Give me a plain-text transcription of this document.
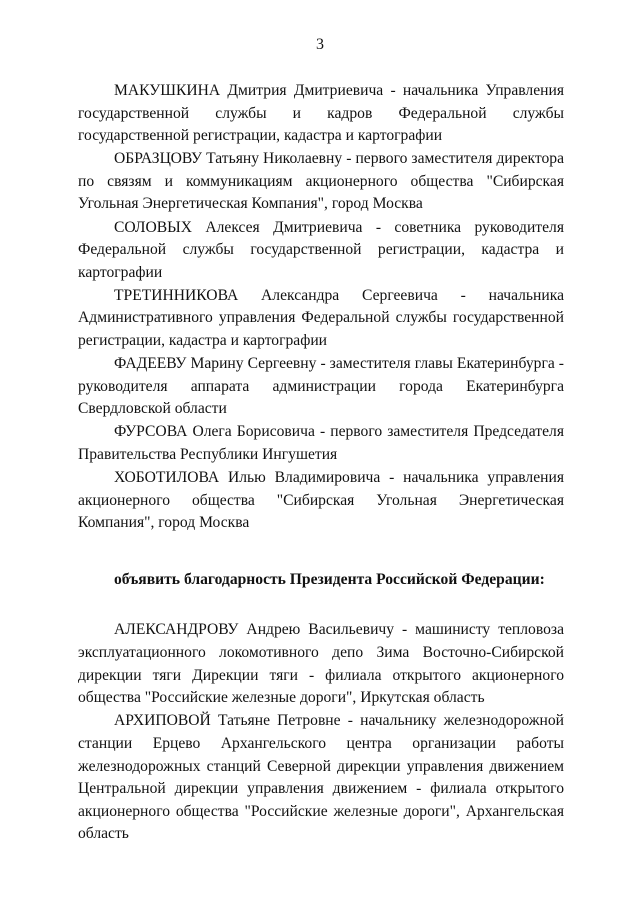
3

МАКУШКИНА Дмитрия Дмитриевича - начальника Управления государственной службы и кадров Федеральной службы государственной регистрации, кадастра и картографии

ОБРАЗЦОВУ Татьяну Николаевну - первого заместителя директора по связям и коммуникациям акционерного общества "Сибирская Угольная Энергетическая Компания", город Москва

СОЛОВЫХ Алексея Дмитриевича - советника руководителя Федеральной службы государственной регистрации, кадастра и картографии

ТРЕТИННИКОВА Александра Сергеевича - начальника Административного управления Федеральной службы государственной регистрации, кадастра и картографии

ФАДЕЕВУ Марину Сергеевну - заместителя главы Екатеринбурга - руководителя аппарата администрации города Екатеринбурга Свердловской области

ФУРСОВА Олега Борисовича - первого заместителя Председателя Правительства Республики Ингушетия

ХОБОТИЛОВА Илью Владимировича - начальника управления акционерного общества "Сибирская Угольная Энергетическая Компания", город Москва

объявить благодарность Президента Российской Федерации:

АЛЕКСАНДРОВУ Андрею Васильевичу - машинисту тепловоза эксплуатационного локомотивного депо Зима Восточно-Сибирской дирекции тяги Дирекции тяги - филиала открытого акционерного общества "Российские железные дороги", Иркутская область

АРХИПОВОЙ Татьяне Петровне - начальнику железнодорожной станции Ерцево Архангельского центра организации работы железнодорожных станций Северной дирекции управления движением Центральной дирекции управления движением - филиала открытого акционерного общества "Российские железные дороги", Архангельская область
